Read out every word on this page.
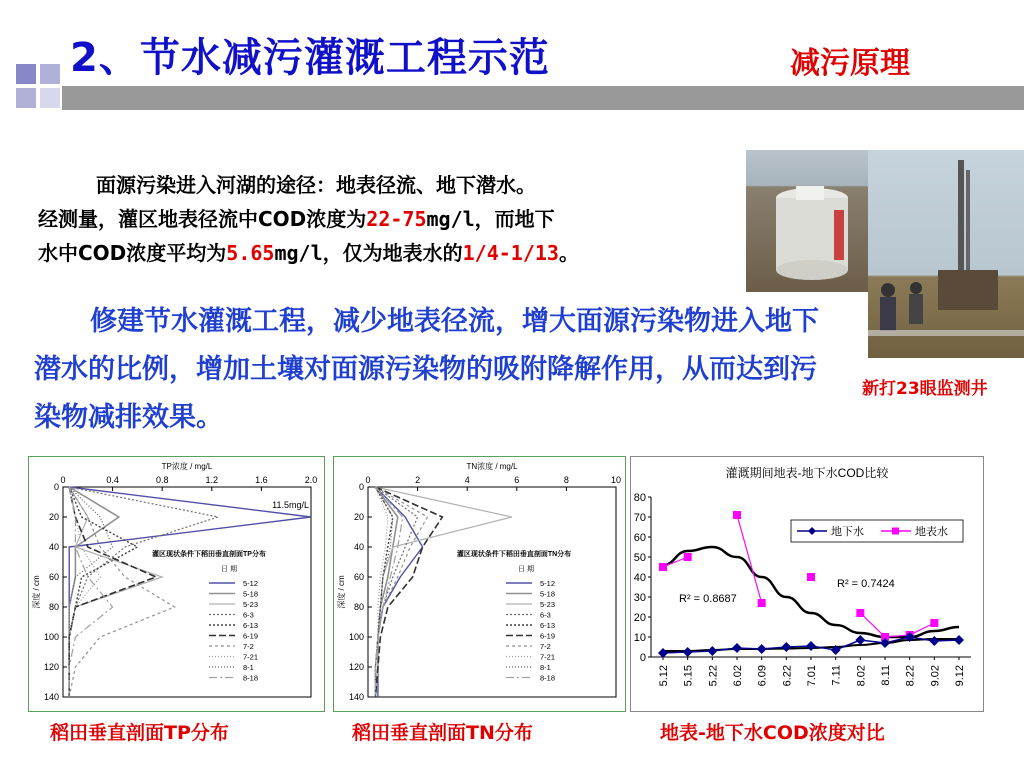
2、节水减污灌溉工程示范	减污原理
面源污染进入河湖的途径：地表径流、地下潜水。
经测量，灌区地表径流中COD浓度为22-75mg/l，而地下
水中COD浓度平均为5.65mg/l，仅为地表水的1/4-1/13。
修建节水灌溉工程，减少地表径流，增大面源污染物进入地下潜水的比例，增加土壤对面源污染物的吸附降解作用，从而达到污染物减排效果。
新打23眼监测井
TP浓度 / mg/L
0	0.4	0.8	1.2	1.6	2.0
0
20
40
60
80
100
120
140
深度 / cm
11.5mg/L
灌区现状条件下稻田垂直剖面TP分布
日 期
5-12
5-18
5-23
6-3
6-13
6-19
7-2
7-21
8-1
8-18
TN浓度 / mg/L
0	2	4	6	8	10
0
20
40
60
80
100
120
140
深度 / cm
灌区现状条件下稻田垂直剖面TN分布
日 期
5-12
5-18
5-23
6-3
6-13
6-19
7-2
7-21
8-1
8-18
灌溉期间地表-地下水COD比较
0
10
20
30
40
50
60
70
80
5.12 5.15 5.22 6.02 6.09 6.22 7.01 7.11 8.02 8.11 8.22 9.02 9.12
R² = 0.8687
R² = 0.7424
地下水	地表水
稻田垂直剖面TP分布	稻田垂直剖面TN分布	地表-地下水COD浓度对比
